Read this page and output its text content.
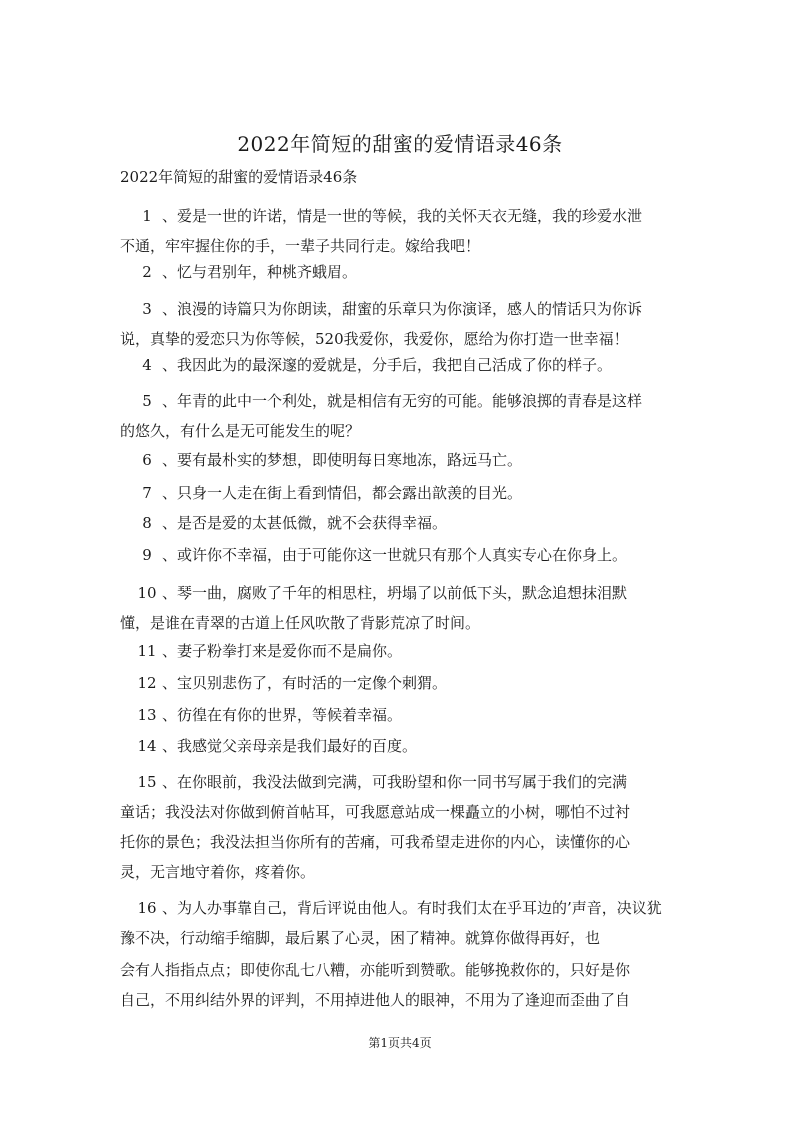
2022年简短的甜蜜的爱情语录46条
2022年简短的甜蜜的爱情语录46条
1 、爱是一世的许诺，情是一世的等候，我的关怀天衣无缝，我的珍爱水泄
不通，牢牢握住你的手，一辈子共同行走。嫁给我吧！
2 、忆与君别年，种桃齐蛾眉。
3 、浪漫的诗篇只为你朗读，甜蜜的乐章只为你演译，感人的情话只为你诉
说，真挚的爱恋只为你等候，520我爱你，我爱你，愿给为你打造一世幸福！
4 、我因此为的最深邃的爱就是，分手后，我把自己活成了你的样子。
5 、年青的此中一个利处，就是相信有无穷的可能。能够浪掷的青春是这样
的悠久，有什么是无可能发生的呢？
6 、要有最朴实的梦想，即使明每日寒地冻，路远马亡。
7 、只身一人走在街上看到情侣，都会露出歆羡的目光。
8 、是否是爱的太甚低微，就不会获得幸福。
9 、或许你不幸福，由于可能你这一世就只有那个人真实专心在你身上。
10 、琴一曲，腐败了千年的相思柱，坍塌了以前低下头，默念追想抹泪默
懂，是谁在青翠的古道上任风吹散了背影荒凉了时间。
11 、妻子粉拳打来是爱你而不是扁你。
12 、宝贝别悲伤了，有时活的一定像个刺猬。
13 、彷徨在有你的世界，等候着幸福。
14 、我感觉父亲母亲是我们最好的百度。
15 、在你眼前，我没法做到完满，可我盼望和你一同书写属于我们的完满
童话；我没法对你做到俯首帖耳，可我愿意站成一棵矗立的小树，哪怕不过衬
托你的景色；我没法担当你所有的苦痛，可我希望走进你的内心，读懂你的心
灵，无言地守着你，疼着你。
16 、为人办事靠自己，背后评说由他人。有时我们太在乎耳边的’声音，决议犹
豫不决，行动缩手缩脚，最后累了心灵，困了精神。就算你做得再好，也
会有人指指点点；即使你乱七八糟，亦能听到赞歌。能够挽救你的，只好是你
自己，不用纠结外界的评判，不用掉进他人的眼神，不用为了逢迎而歪曲了自
第1页共4页
